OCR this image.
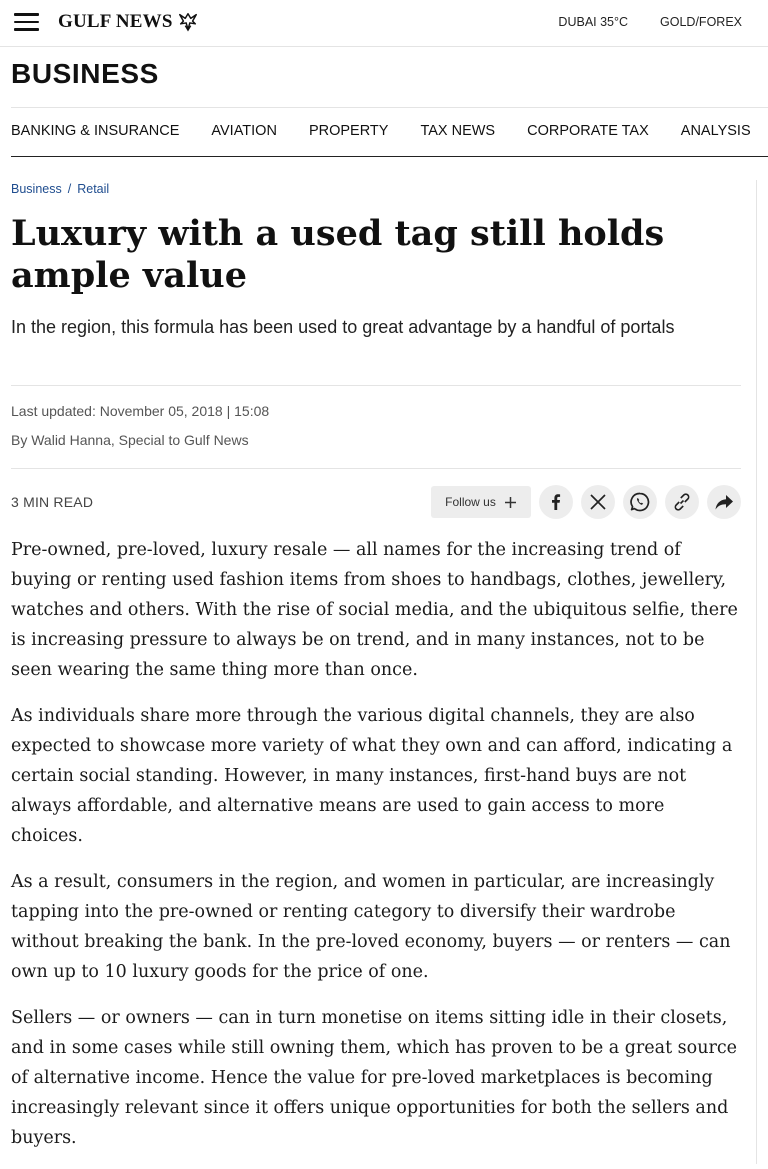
GULF NEWS	DUBAI 35°C	GOLD/FOREX
BUSINESS
BANKING & INSURANCE AVIATION PROPERTY TAX NEWS CORPORATE TAX ANALYSIS
Business / Retail
Luxury with a used tag still holds ample value

In the region, this formula has been used to great advantage by a handful of portals

Last updated: November 05, 2018 | 15:08
By Walid Hanna, Special to Gulf News
3 MIN READ	Follow us

Pre-owned, pre-loved, luxury resale — all names for the increasing trend of buying or renting used fashion items from shoes to handbags, clothes, jewellery, watches and others. With the rise of social media, and the ubiquitous selfie, there is increasing pressure to always be on trend, and in many instances, not to be seen wearing the same thing more than once.

As individuals share more through the various digital channels, they are also expected to showcase more variety of what they own and can afford, indicating a certain social standing. However, in many instances, first-hand buys are not always affordable, and alternative means are used to gain access to more choices.

As a result, consumers in the region, and women in particular, are increasingly tapping into the pre-owned or renting category to diversify their wardrobe without breaking the bank. In the pre-loved economy, buyers — or renters — can own up to 10 luxury goods for the price of one.

Sellers — or owners — can in turn monetise on items sitting idle in their closets, and in some cases while still owning them, which has proven to be a great source of alternative income. Hence the value for pre-loved marketplaces is becoming increasingly relevant since it offers unique opportunities for both the sellers and buyers.
